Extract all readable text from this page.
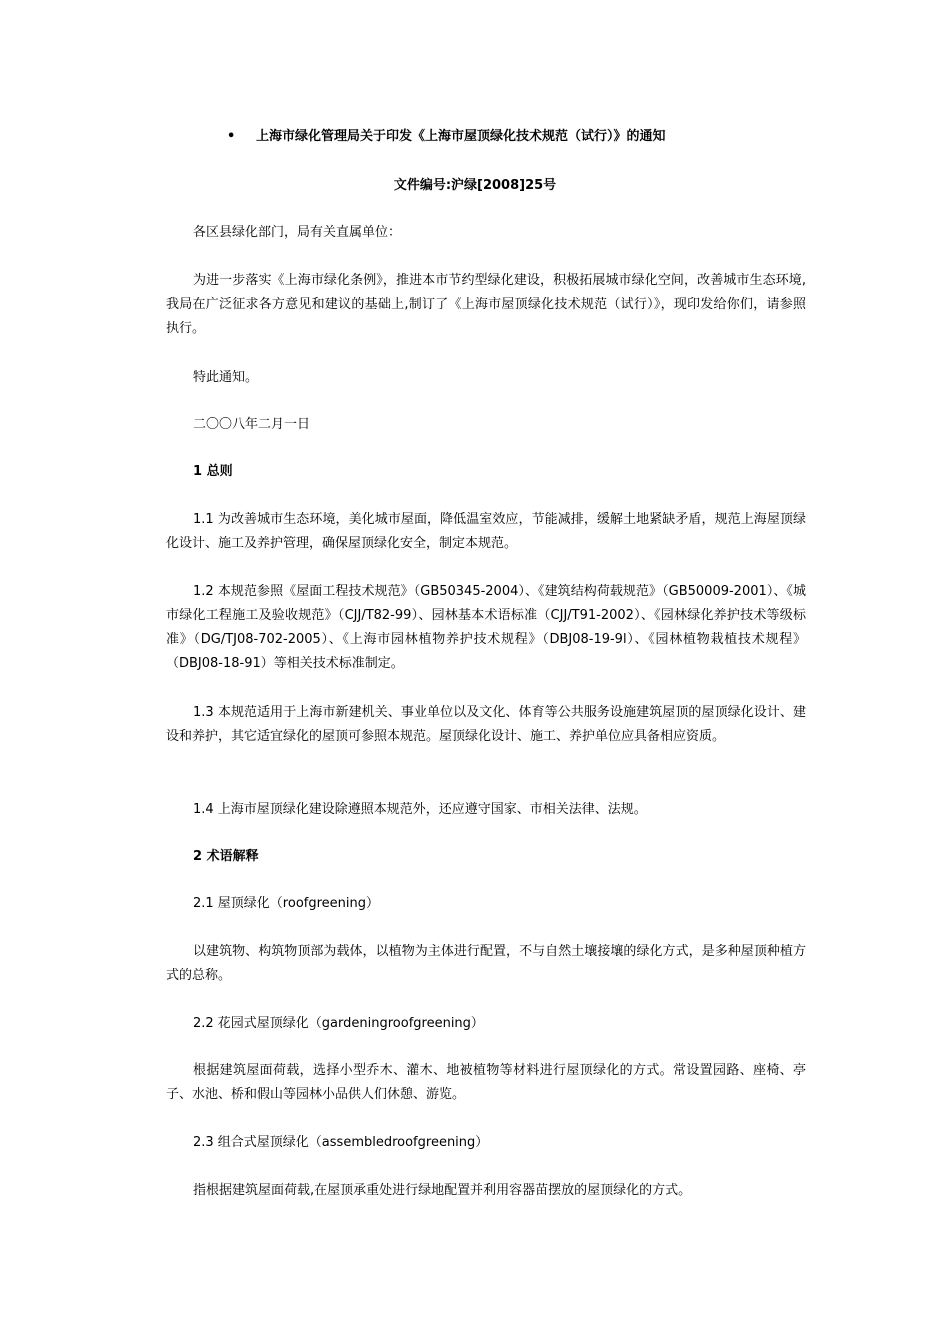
• 上海市绿化管理局关于印发《上海市屋顶绿化技术规范（试行）》的通知
文件编号:沪绿[2008]25号
各区县绿化部门，局有关直属单位：
为进一步落实《上海市绿化条例》，推进本市节约型绿化建设，积极拓展城市绿化空间，改善城市生态环境,我局在广泛征求各方意见和建议的基础上,制订了《上海市屋顶绿化技术规范（试行）》，现印发给你们，请参照执行。
特此通知。
二〇〇八年二月一日
1 总则
1.1 为改善城市生态环境，美化城市屋面，降低温室效应，节能减排，缓解土地紧缺矛盾，规范上海屋顶绿化设计、施工及养护管理，确保屋顶绿化安全，制定本规范。
1.2 本规范参照《屋面工程技术规范》（GB50345-2004）、《建筑结构荷载规范》（GB50009-2001）、《城市绿化工程施工及验收规范》（CJJ/T82-99）、园林基本术语标准（CJJ/T91-2002）、《园林绿化养护技术等级标准》（DG/TJ08-702-2005）、《上海市园林植物养护技术规程》（DBJ08-19-9l）、《园林植物栽植技术规程》（DBJ08-18-91）等相关技术标准制定。
1.3 本规范适用于上海市新建机关、事业单位以及文化、体育等公共服务设施建筑屋顶的屋顶绿化设计、建设和养护，其它适宜绿化的屋顶可参照本规范。屋顶绿化设计、施工、养护单位应具备相应资质。
1.4 上海市屋顶绿化建设除遵照本规范外，还应遵守国家、市相关法律、法规。
2 术语解释
2.1 屋顶绿化（roofgreening）
以建筑物、构筑物顶部为载体，以植物为主体进行配置，不与自然土壤接壤的绿化方式，是多种屋顶种植方式的总称。
2.2 花园式屋顶绿化（gardeningroofgreening）
根据建筑屋面荷载，选择小型乔木、灌木、地被植物等材料进行屋顶绿化的方式。常设置园路、座椅、亭子、水池、桥和假山等园林小品供人们休憩、游览。
2.3 组合式屋顶绿化（assembledroofgreening）
指根据建筑屋面荷载,在屋顶承重处进行绿地配置并利用容器苗摆放的屋顶绿化的方式。
